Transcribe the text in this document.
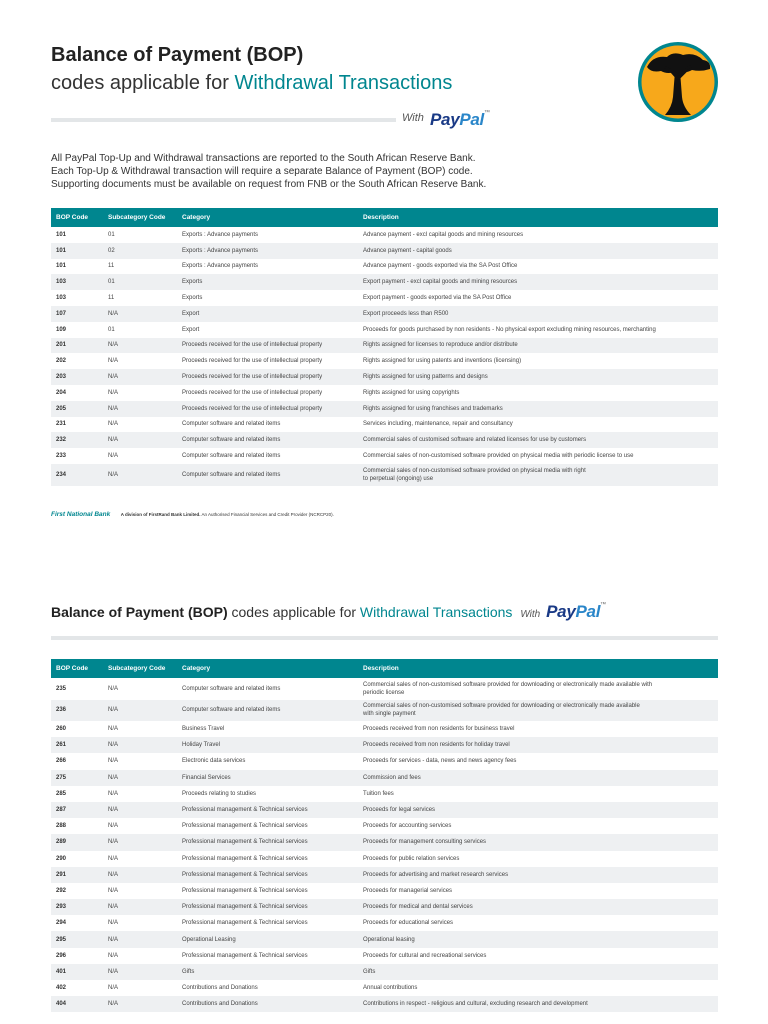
Balance of Payment (BOP)
codes applicable for Withdrawal Transactions
With PayPal™
All PayPal Top-Up and Withdrawal transactions are reported to the South African Reserve Bank.
Each Top-Up & Withdrawal transaction will require a separate Balance of Payment (BOP) code.
Supporting documents must be available on request from FNB or the South African Reserve Bank.
BOP Code	Subcategory Code	Category	Description
101	01	Exports : Advance payments	Advance payment - excl capital goods and mining resources
101	02	Exports : Advance payments	Advance payment - capital goods
101	11	Exports : Advance payments	Advance payment - goods exported via the SA Post Office
103	01	Exports	Export payment - excl capital goods and mining resources
103	11	Exports	Export payment - goods exported via the SA Post Office
107	N/A	Export	Export proceeds less than R500
109	01	Export	Proceeds for goods purchased by non residents - No physical export excluding mining resources, merchanting
201	N/A	Proceeds received for the use of intellectual property	Rights assigned for licenses to reproduce and/or distribute
202	N/A	Proceeds received for the use of intellectual property	Rights assigned for using patents and inventions (licensing)
203	N/A	Proceeds received for the use of intellectual property	Rights assigned for using patterns and designs
204	N/A	Proceeds received for the use of intellectual property	Rights assigned for using copyrights
205	N/A	Proceeds received for the use of intellectual property	Rights assigned for using franchises and trademarks
231	N/A	Computer software and related items	Services including, maintenance, repair and consultancy
232	N/A	Computer software and related items	Commercial sales of customised software and related licenses for use by customers
233	N/A	Computer software and related items	Commercial sales of non-customised software provided on physical media with periodic license to use
234	N/A	Computer software and related items	Commercial sales of non-customised software provided on physical media with right
to perpetual (ongoing) use
First National Bank A division of FirstRand Bank Limited. An Authorised Financial Services and Credit Provider (NCRCP20).
Balance of Payment (BOP) codes applicable for Withdrawal Transactions With PayPal™
BOP Code	Subcategory Code	Category	Description
235	N/A	Computer software and related items	Commercial sales of non-customised software provided for downloading or electronically made available with
periodic license
236	N/A	Computer software and related items	Commercial sales of non-customised software provided for downloading or electronically made available
with single payment
260	N/A	Business Travel	Proceeds received from non residents for business travel
261	N/A	Holiday Travel	Proceeds received from non residents for holiday travel
266	N/A	Electronic data services	Proceeds for services - data, news and news agency fees
275	N/A	Financial Services	Commission and fees
285	N/A	Proceeds relating to studies	Tuition fees
287	N/A	Professional management & Technical services	Proceeds for legal services
288	N/A	Professional management & Technical services	Proceeds for accounting services
289	N/A	Professional management & Technical services	Proceeds for management consulting services
290	N/A	Professional management & Technical services	Proceeds for public relation services
291	N/A	Professional management & Technical services	Proceeds for advertising and market research services
292	N/A	Professional management & Technical services	Proceeds for managerial services
293	N/A	Professional management & Technical services	Proceeds for medical and dental services
294	N/A	Professional management & Technical services	Proceeds for educational services
295	N/A	Operational Leasing	Operational leasing
296	N/A	Professional management & Technical services	Proceeds for cultural and recreational services
401	N/A	Gifts	Gifts
402	N/A	Contributions and Donations	Annual contributions
404	N/A	Contributions and Donations	Contributions in respect - religious and cultural, excluding research and development
